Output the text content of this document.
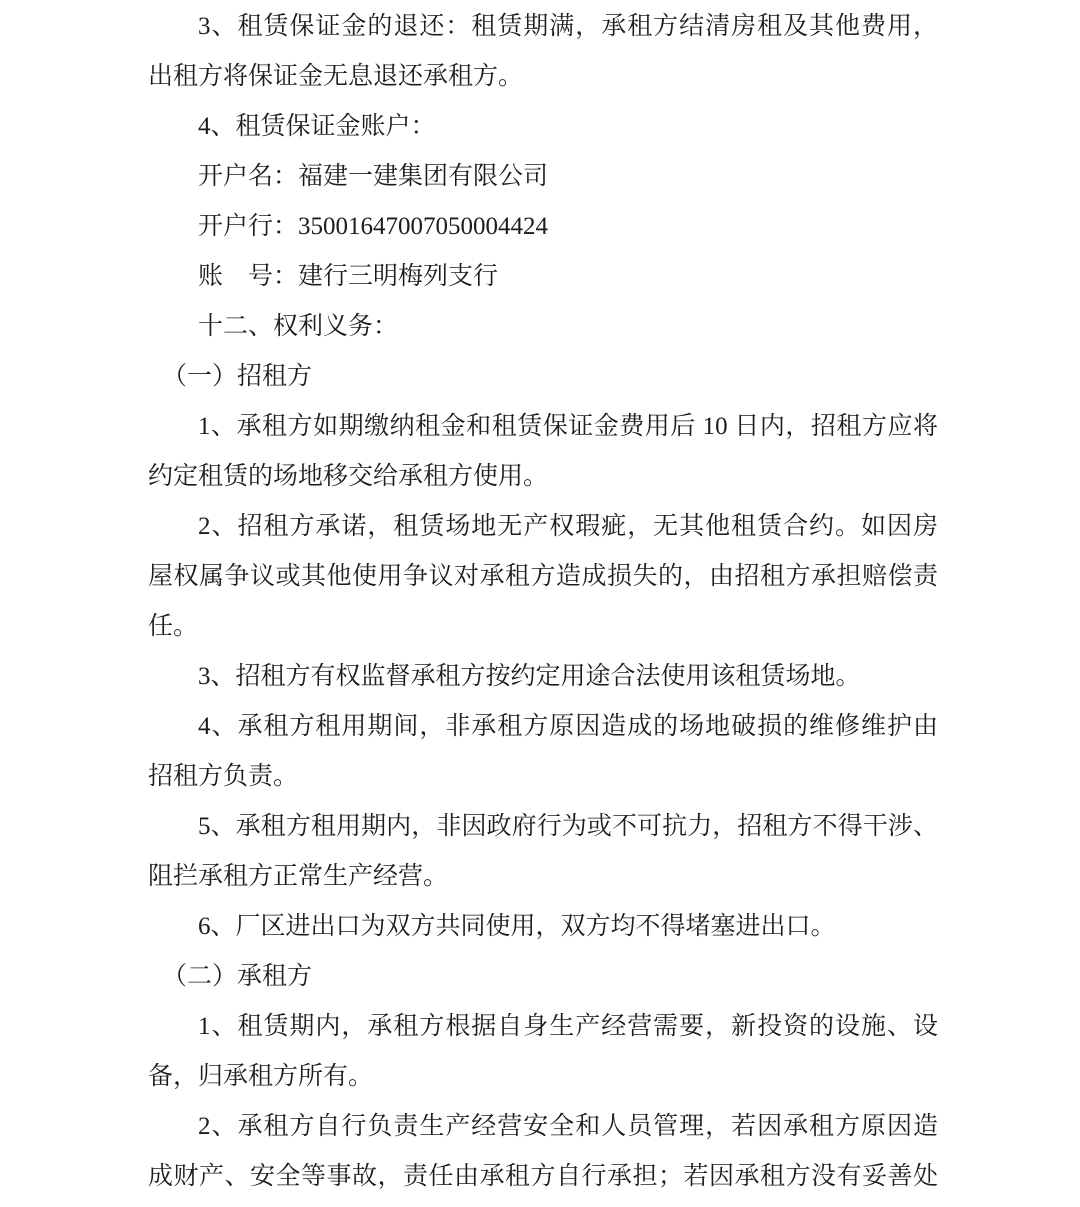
3、租赁保证金的退还：租赁期满，承租方结清房租及其他费用，
出租方将保证金无息退还承租方。
4、租赁保证金账户：
开户名：福建一建集团有限公司
开户行：35001647007050004424
账　号：建行三明梅列支行
十二、权利义务：
（一）招租方
1、承租方如期缴纳租金和租赁保证金费用后 10 日内，招租方应将
约定租赁的场地移交给承租方使用。
2、招租方承诺，租赁场地无产权瑕疵，无其他租赁合约。如因房
屋权属争议或其他使用争议对承租方造成损失的，由招租方承担赔偿责
任。
3、招租方有权监督承租方按约定用途合法使用该租赁场地。
4、承租方租用期间，非承租方原因造成的场地破损的维修维护由
招租方负责。
5、承租方租用期内，非因政府行为或不可抗力，招租方不得干涉、
阻拦承租方正常生产经营。
6、厂区进出口为双方共同使用，双方均不得堵塞进出口。
（二）承租方
1、租赁期内，承租方根据自身生产经营需要，新投资的设施、设
备，归承租方所有。
2、承租方自行负责生产经营安全和人员管理，若因承租方原因造
成财产、安全等事故，责任由承租方自行承担；若因承租方没有妥善处
